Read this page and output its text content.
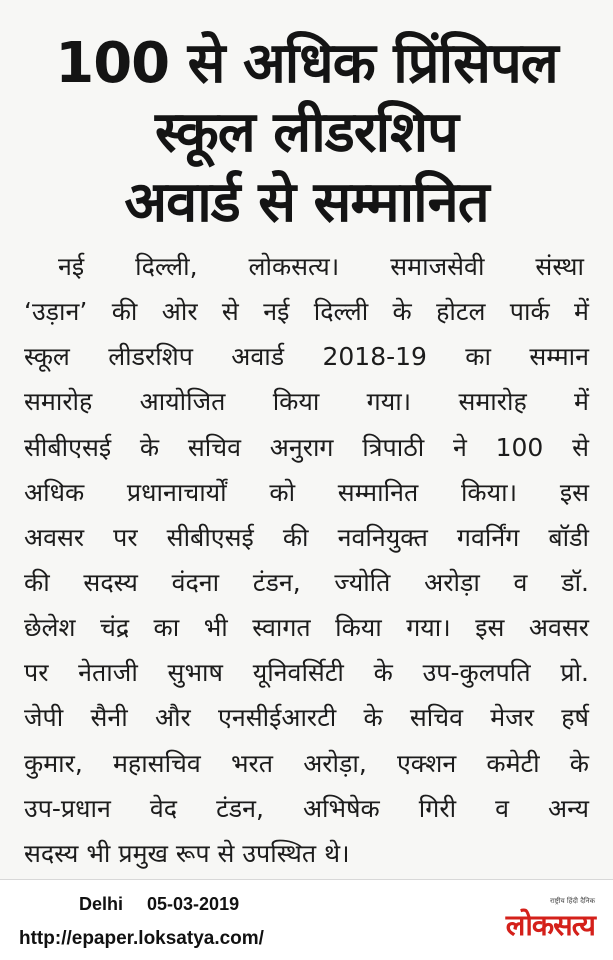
100 से अधिक प्रिंसिपल
स्कूल लीडरशिप
अवार्ड से सम्मानित
नई दिल्ली, लोकसत्य। समाजसेवी संस्था
‘उड़ान’ की ओर से नई दिल्ली के होटल पार्क में
स्कूल लीडरशिप अवार्ड 2018-19 का सम्मान
समारोह आयोजित किया गया। समारोह में
सीबीएसई के सचिव अनुराग त्रिपाठी ने 100 से
अधिक प्रधानाचार्यों को सम्मानित किया। इस
अवसर पर सीबीएसई की नवनियुक्त गवर्निंग बॉडी
की सदस्य वंदना टंडन, ज्योति अरोड़ा व डॉ.
छेलेश चंद्र का भी स्वागत किया गया। इस अवसर
पर नेताजी सुभाष यूनिवर्सिटी के उप-कुलपति प्रो.
जेपी सैनी और एनसीईआरटी के सचिव मेजर हर्ष
कुमार, महासचिव भरत अरोड़ा, एक्शन कमेटी के
उप-प्रधान वेद टंडन, अभिषेक गिरी व अन्य
सदस्य भी प्रमुख रूप से उपस्थित थे।
Delhi 05-03-2019
http://epaper.loksatya.com/
राष्ट्रीय हिंदी दैनिक
लोकसत्य
